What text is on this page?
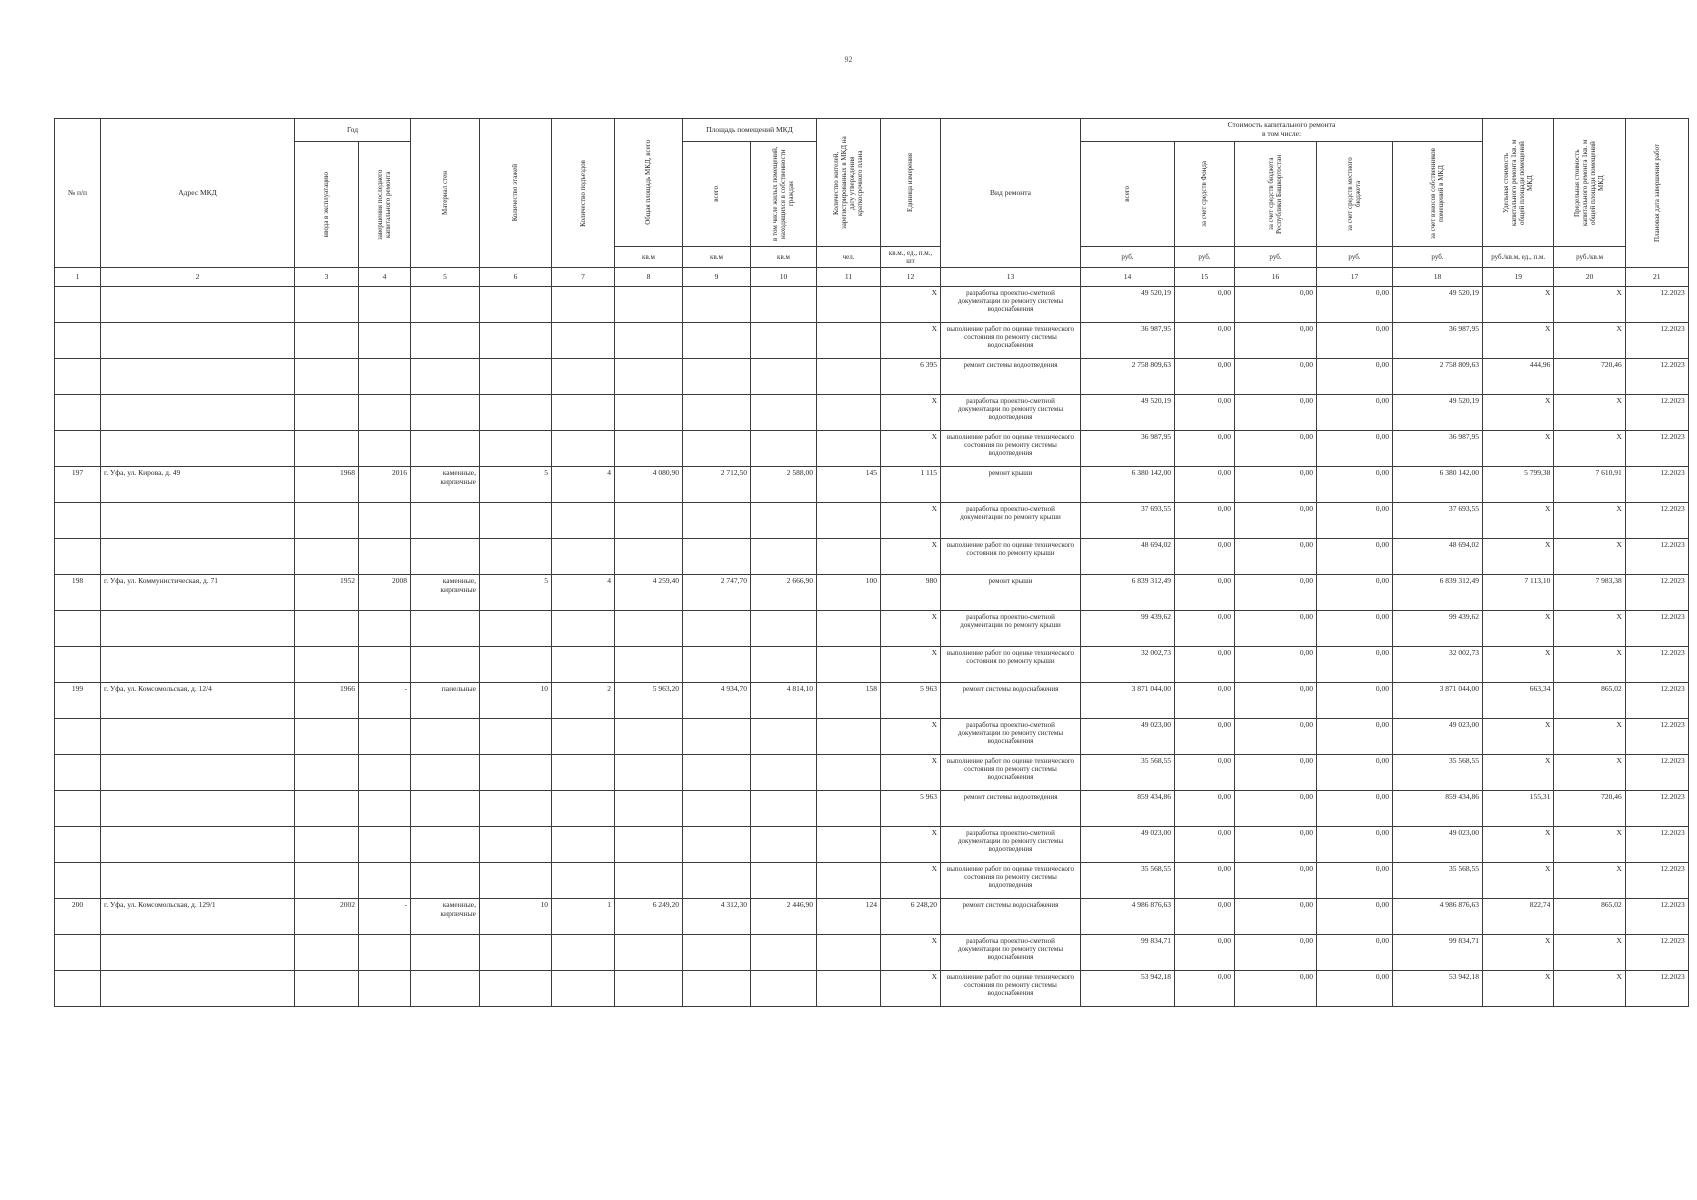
92
№ п/п	Адрес МКД	Год		Материал стен	Количество этажей	Количество подъездов	Общая площадь МКД, всего	Площадь помещений МКД		Количество жителей, зарегистрированных в МКД на дату утверждения краткосрочного плана	Единица измерения	Вид ремонта	Стоимость капитального ремонта
в том числе:					Удельная стоимость капитального ремонта 1кв. м общей площади помещений МКД	Предельная стоимость капитального ремонта 1кв. м общей площади помещений МКД	Плановая дата завершения работ

		ввода в эксплуатацию	завершения последнего капитального ремонта					всего	в том числе жилых помещений, находящихся в собственности граждан				всего	за счет средств Фонда	за счет средств бюджета Республики Башкортостан	за счет средств местного бюджета	за счет взносов собственников помещений в МКД			

							кв.м	кв.м	кв.м	чел.	кв.м., ед., п.м., шт		руб.	руб.	руб.	руб.	руб.	руб./кв.м, ед., п.м.	руб./кв.м	
1	2	3	4	5	6	7	8	9	10	11	12	13	14	15	16	17	18	19	20	21
											X	разработка проектно-сметной документации по ремонту системы водоснабжения	49 520,19	0,00	0,00	0,00	49 520,19	X	X	12.2023
											X	выполнение работ по оценке технического состояния по ремонту системы водоснабжения	36 987,95	0,00	0,00	0,00	36 987,95	X	X	12.2023
											6 395	ремонт системы водоотведения	2 758 809,63	0,00	0,00	0,00	2 758 809,63	444,96	720,46	12.2023
											X	разработка проектно-сметной документации по ремонту системы водоотведения	49 520,19	0,00	0,00	0,00	49 520,19	X	X	12.2023
											X	выполнение работ по оценке технического состояния по ремонту системы водоотведения	36 987,95	0,00	0,00	0,00	36 987,95	X	X	12.2023
197	г. Уфа, ул. Кирова, д. 49	1968	2016	каменные, кирпичные	5	4	4 080,90	2 712,50	2 588,00	145	1 115	ремонт крыши	6 380 142,00	0,00	0,00	0,00	6 380 142,00	5 799,38	7 610,91	12.2023
											X	разработка проектно-сметной документации по ремонту крыши	37 693,55	0,00	0,00	0,00	37 693,55	X	X	12.2023
											X	выполнение работ по оценке технического состояния по ремонту крыши	48 694,02	0,00	0,00	0,00	48 694,02	X	X	12.2023
198	г. Уфа, ул. Коммунистическая, д. 71	1952	2008	каменные, кирпичные	5	4	4 259,40	2 747,70	2 666,90	100	980	ремонт крыши	6 839 312,49	0,00	0,00	0,00	6 839 312,49	7 113,10	7 983,38	12.2023
											X	разработка проектно-сметной документации по ремонту крыши	99 439,62	0,00	0,00	0,00	99 439,62	X	X	12.2023
											X	выполнение работ по оценке технического состояния по ремонту крыши	32 002,73	0,00	0,00	0,00	32 002,73	X	X	12.2023
199	г. Уфа, ул. Комсомольская, д. 12/4	1966	-	панельные	10	2	5 963,20	4 934,70	4 814,10	158	5 963	ремонт системы водоснабжения	3 871 044,00	0,00	0,00	0,00	3 871 044,00	663,34	865,02	12.2023
											X	разработка проектно-сметной документации по ремонту системы водоснабжения	49 023,00	0,00	0,00	0,00	49 023,00	X	X	12.2023
											X	выполнение работ по оценке технического состояния по ремонту системы водоснабжения	35 568,55	0,00	0,00	0,00	35 568,55	X	X	12.2023
											5 963	ремонт системы водоотведения	859 434,86	0,00	0,00	0,00	859 434,86	155,31	720,46	12.2023
											X	разработка проектно-сметной документации по ремонту системы водоотведения	49 023,00	0,00	0,00	0,00	49 023,00	X	X	12.2023
											X	выполнение работ по оценке технического состояния по ремонту системы водоотведения	35 568,55	0,00	0,00	0,00	35 568,55	X	X	12.2023
200	г. Уфа, ул. Комсомольская, д. 129/1	2002	-	каменные, кирпичные	10	1	6 249,20	4 312,30	2 446,90	124	6 248,20	ремонт системы водоснабжения	4 986 876,63	0,00	0,00	0,00	4 986 876,63	822,74	865,02	12.2023
											X	разработка проектно-сметной документации по ремонту системы водоснабжения	99 834,71	0,00	0,00	0,00	99 834,71	X	X	12.2023
											X	выполнение работ по оценке технического состояния по ремонту системы водоснабжения	53 942,18	0,00	0,00	0,00	53 942,18	X	X	12.2023
